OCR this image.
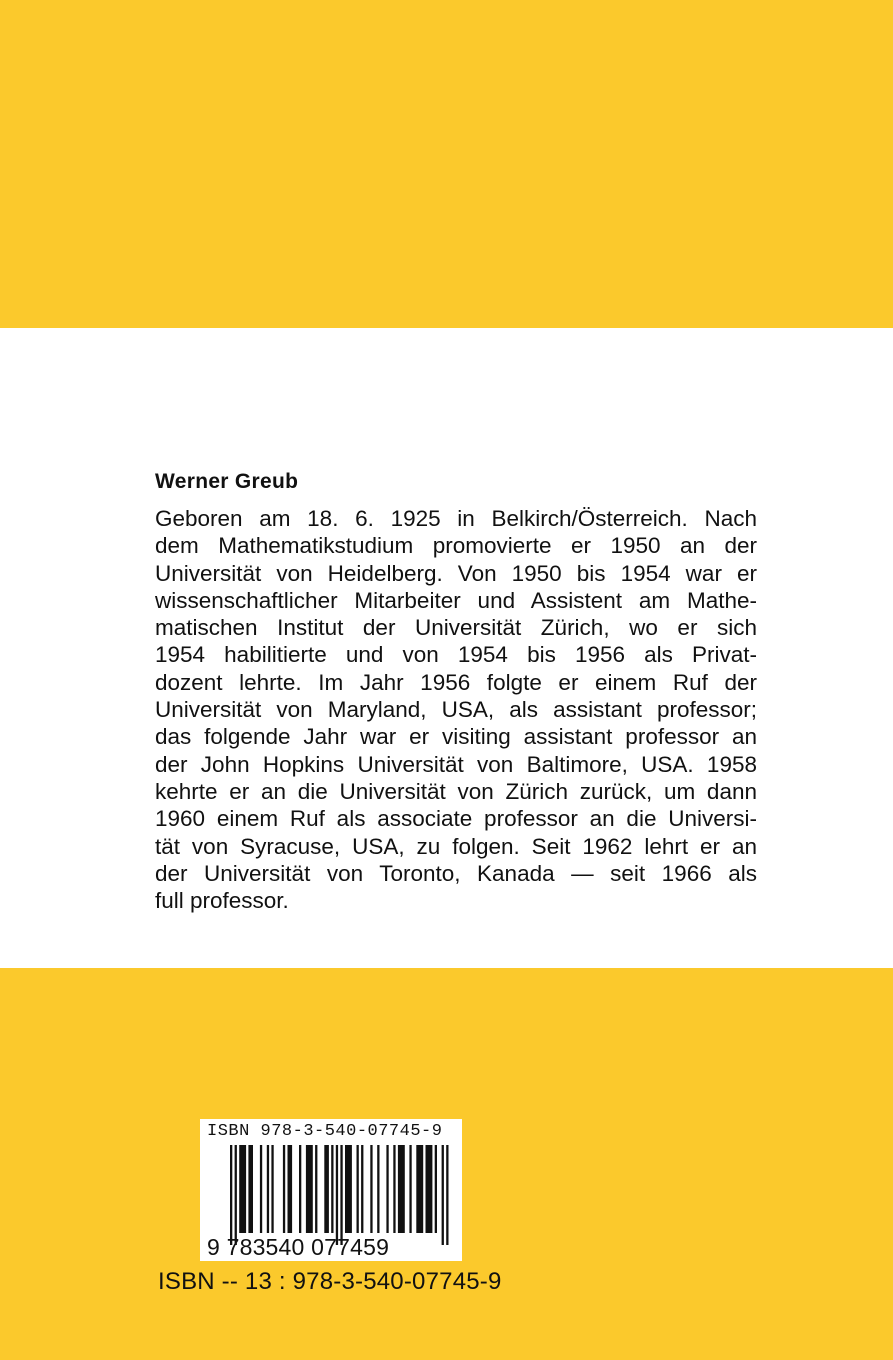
Werner Greub
Geboren am 18. 6. 1925 in Belkirch/Österreich. Nach
dem Mathematikstudium promovierte er 1950 an der
Universität von Heidelberg. Von 1950 bis 1954 war er
wissenschaftlicher Mitarbeiter und Assistent am Mathe-
matischen Institut der Universität Zürich, wo er sich
1954 habilitierte und von 1954 bis 1956 als Privat-
dozent lehrte. Im Jahr 1956 folgte er einem Ruf der
Universität von Maryland, USA, als assistant professor;
das folgende Jahr war er visiting assistant professor an
der John Hopkins Universität von Baltimore, USA. 1958
kehrte er an die Universität von Zürich zurück, um dann
1960 einem Ruf als associate professor an die Universi-
tät von Syracuse, USA, zu folgen. Seit 1962 lehrt er an
der Universität von Toronto, Kanada — seit 1966 als
full professor.
ISBN 978-3-540-07745-9
9 783540 077459
ISBN -- 13 : 978-3-540-07745-9
